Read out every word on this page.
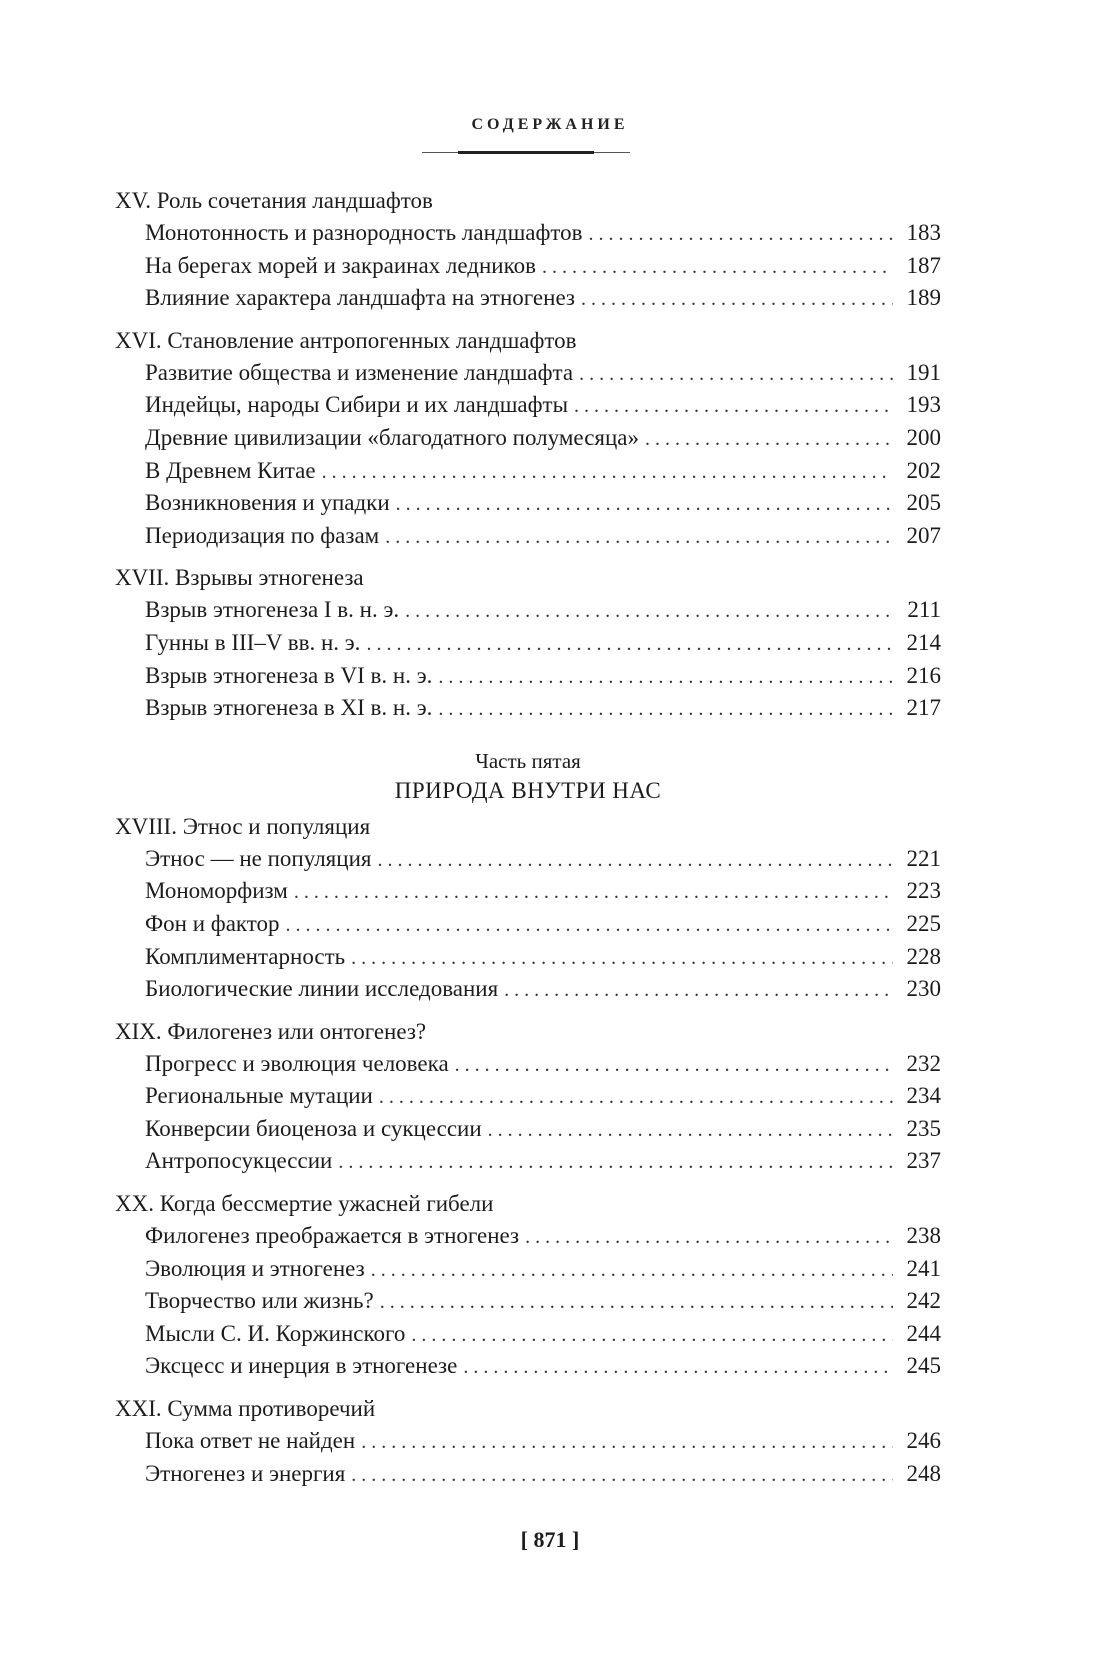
СОДЕРЖАНИЕ
XV. Роль сочетания ландшафтов
Монотонность и разнородность ландшафтов . . .	183
На берегах морей и закраинах ледников . . .	187
Влияние характера ландшафта на этногенез . . .	189
XVI. Становление антропогенных ландшафтов
Развитие общества и изменение ландшафта . . .	191
Индейцы, народы Сибири и их ландшафты . . .	193
Древние цивилизации «благодатного полумесяца» . . .	200
В Древнем Китае . . .	202
Возникновения и упадки . . .	205
Периодизация по фазам . . .	207
XVII. Взрывы этногенеза
Взрыв этногенеза I в. н. э. . . .	211
Гунны в III–V вв. н. э. . . .	214
Взрыв этногенеза в VI в. н. э. . . .	216
Взрыв этногенеза в XI в. н. э. . . .	217
Часть пятая
ПРИРОДА ВНУТРИ НАС
XVIII. Этнос и популяция
Этнос — не популяция . . .	221
Мономорфизм . . .	223
Фон и фактор . . .	225
Комплиментарность . . .	228
Биологические линии исследования . . .	230
XIX. Филогенез или онтогенез?
Прогресс и эволюция человека . . .	232
Региональные мутации . . .	234
Конверсии биоценоза и сукцессии . . .	235
Антропосукцессии . . .	237
XX. Когда бессмертие ужасней гибели
Филогенез преображается в этногенез . . .	238
Эволюция и этногенез . . .	241
Творчество или жизнь? . . .	242
Мысли С. И. Коржинского . . .	244
Эксцесс и инерция в этногенезе . . .	245
XXI. Сумма противоречий
Пока ответ не найден . . .	246
Этногенез и энергия . . .	248
[ 871 ]
